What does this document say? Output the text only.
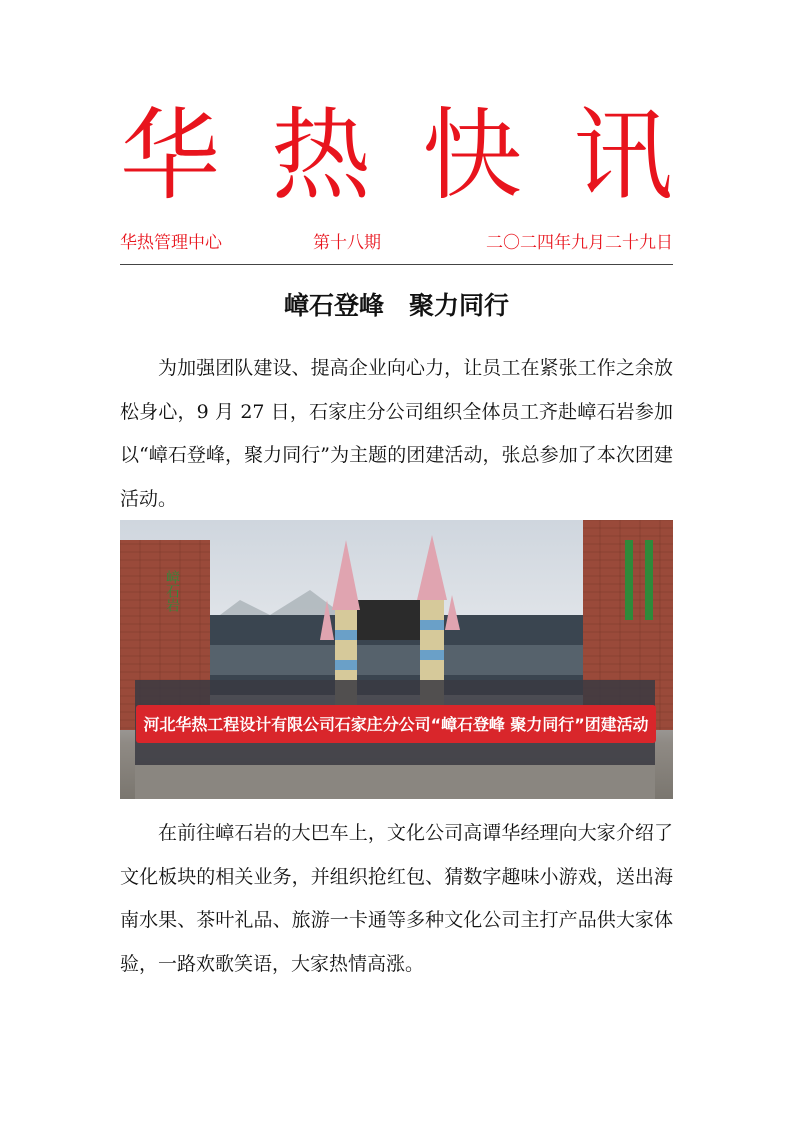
华 热 快 讯
华热管理中心	第十八期	二〇二四年九月二十九日
嶂石登峰　聚力同行

为加强团队建设、提高企业向心力，让员工在紧张工作之余放松身心，9 月 27 日，石家庄分公司组织全体员工齐赴嶂石岩参加以“嶂石登峰，聚力同行”为主题的团建活动，张总参加了本次团建活动。

嶂石岩
河北华热工程设计有限公司石家庄分公司“嶂石登峰 聚力同行”团建活动

在前往嶂石岩的大巴车上，文化公司高谭华经理向大家介绍了文化板块的相关业务，并组织抢红包、猜数字趣味小游戏，送出海南水果、茶叶礼品、旅游一卡通等多种文化公司主打产品供大家体验，一路欢歌笑语，大家热情高涨。
